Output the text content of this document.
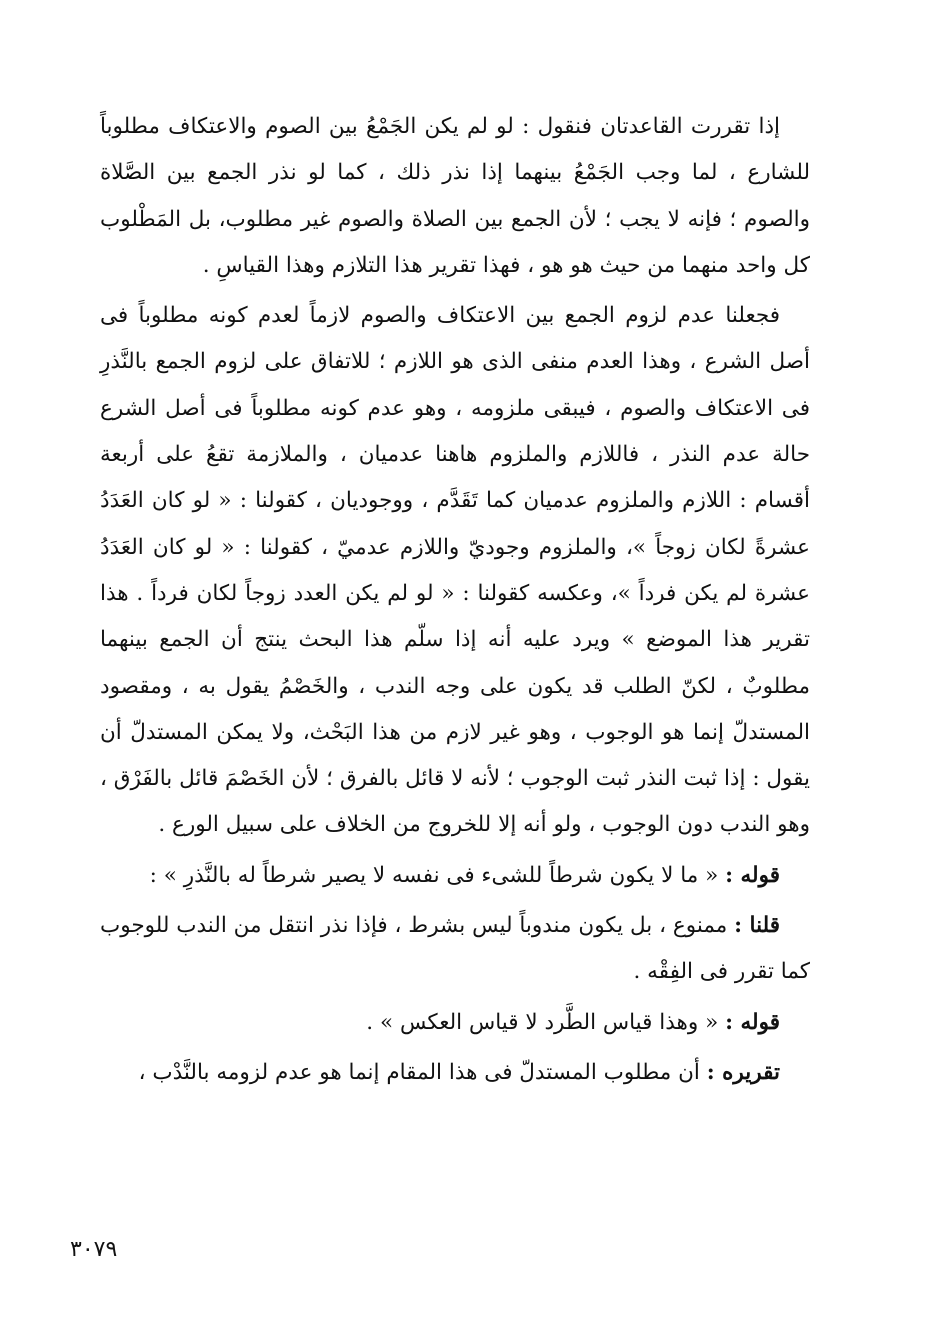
إذا تقررت القاعدتان فنقول : لو لم يكن الجَمْعُ بين الصوم والاعتكاف مطلوباً للشارع ، لما وجب الجَمْعُ بينهما إذا نذر ذلك ، كما لو نذر الجمع بين الصَّلاة والصوم ؛ فإنه لا يجب ؛ لأن الجمع بين الصلاة والصوم غير مطلوب، بل المَطْلوب كل واحد منهما من حيث هو هو ، فهذا تقرير هذا التلازم وهذا القياسِ .

فجعلنا عدم لزوم الجمع بين الاعتكاف والصوم لازماً لعدم كونه مطلوباً فى أصل الشرع ، وهذا العدم منفى الذى هو اللازم ؛ للاتفاق على لزوم الجمع بالنَّذرِ فى الاعتكاف والصوم ، فيبقى ملزومه ، وهو عدم كونه مطلوباً فى أصل الشرع حالة عدم النذر ، فاللازم والملزوم هاهنا عدميان ، والملازمة تقعُ على أربعة أقسام : اللازم والملزوم عدميان كما تَقَدَّم ، ووجوديان ، كقولنا : « لو كان العَدَدُ عشرةً لكان زوجاً »، والملزوم وجوديّ واللازم عدميّ ، كقولنا : « لو كان العَدَدُ عشرة لم يكن فرداً »، وعكسه كقولنا : « لو لم يكن العدد زوجاً لكان فرداً . هذا تقرير هذا الموضع » ويرد عليه أنه إذا سلّم هذا البحث ينتج أن الجمع بينهما مطلوبٌ ، لكنّ الطلب قد يكون على وجه الندب ، والخَصْمُ يقول به ، ومقصود المستدلّ إنما هو الوجوب ، وهو غير لازم من هذا البَحْث، ولا يمكن المستدلّ أن يقول : إذا ثبت النذر ثبت الوجوب ؛ لأنه لا قائل بالفرق ؛ لأن الخَصْمَ قائل بالفَرْق ، وهو الندب دون الوجوب ، ولو أنه إلا للخروج من الخلاف على سبيل الورع .

قوله : « ما لا يكون شرطاً للشىء فى نفسه لا يصير شرطاً له بالنَّذرِ » :

قلنا : ممنوع ، بل يكون مندوباً ليس بشرط ، فإذا نذر انتقل من الندب للوجوب كما تقرر فى الفِقْه .

قوله : « وهذا قياس الطَّرد لا قياس العكس » .

تقريره : أن مطلوب المستدلّ فى هذا المقام إنما هو عدم لزومه بالنَّدْب ،

٣٠٧٩
